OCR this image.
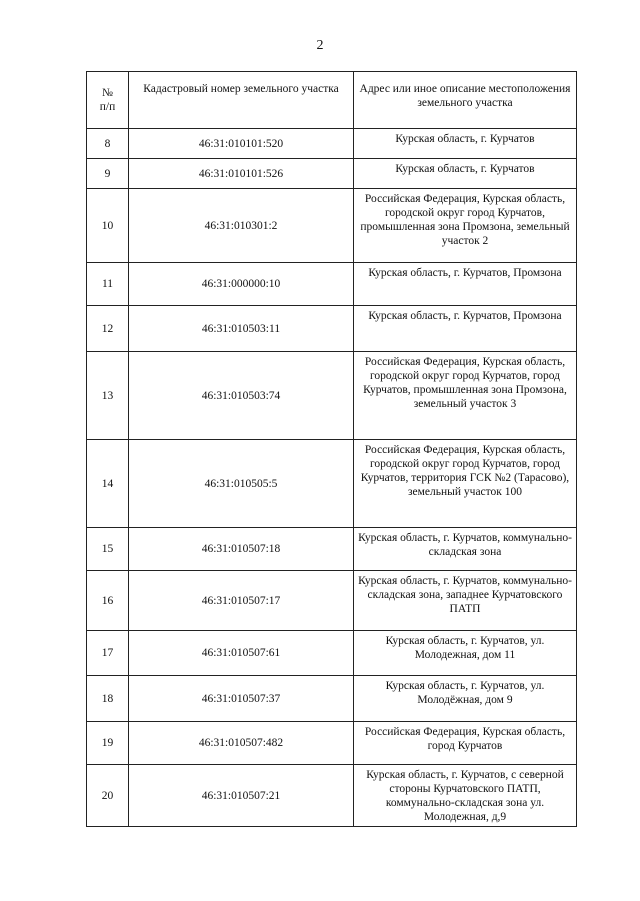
2
№
п/п	Кадастровый номер земельного участка	Адрес или иное описание местоположения земельного участка
8	46:31:010101:520	Курская область, г. Курчатов
9	46:31:010101:526	Курская область, г. Курчатов
10	46:31:010301:2	Российская Федерация, Курская область, городской округ город Курчатов, промышленная зона Промзона, земельный участок 2
11	46:31:000000:10	Курская область, г. Курчатов, Промзона
12	46:31:010503:11	Курская область, г. Курчатов, Промзона
13	46:31:010503:74	Российская Федерация, Курская область, городской округ город Курчатов, город Курчатов, промышленная зона Промзона, земельный участок 3
14	46:31:010505:5	Российская Федерация, Курская область, городской округ город Курчатов, город Курчатов, территория ГСК №2 (Тарасово), земельный участок 100
15	46:31:010507:18	Курская область, г. Курчатов, коммунально-складская зона
16	46:31:010507:17	Курская область, г. Курчатов, коммунально-складская зона, западнее Курчатовского ПАТП
17	46:31:010507:61	Курская область, г. Курчатов, ул. Молодежная, дом 11
18	46:31:010507:37	Курская область, г. Курчатов, ул. Молодёжная, дом 9
19	46:31:010507:482	Российская Федерация, Курская область, город Курчатов
20	46:31:010507:21	Курская область, г. Курчатов, с северной стороны Курчатовского ПАТП, коммунально-складская зона ул. Молодежная, д,9
